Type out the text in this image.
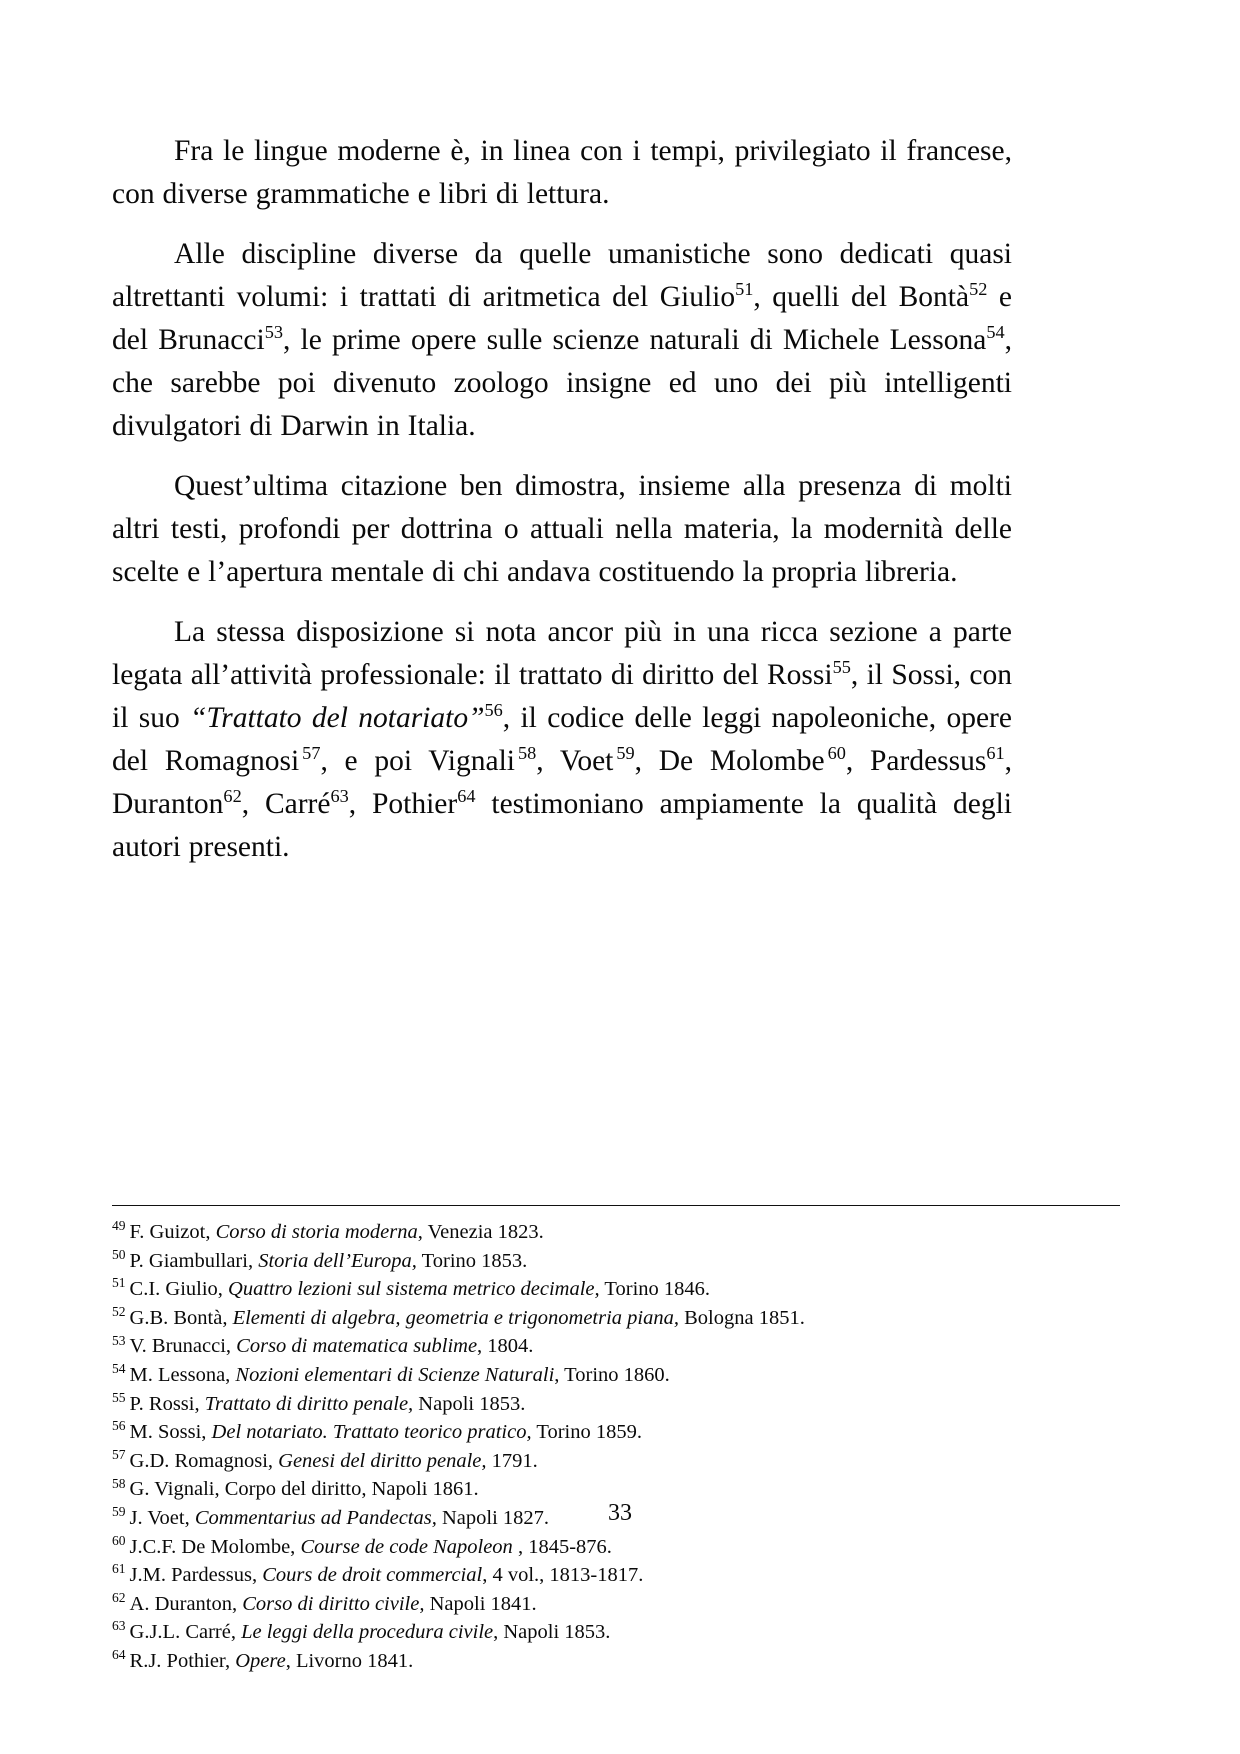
Fra le lingue moderne è, in linea con i tempi, privilegiato il francese, con diverse grammatiche e libri di lettura.

Alle discipline diverse da quelle umanistiche sono dedicati quasi altrettanti volumi: i trattati di aritmetica del Giulio$^{51}$, quelli del Bontà$^{52}$ e del Brunacci$^{53}$, le prime opere sulle scienze naturali di Michele Lessona$^{54}$, che sarebbe poi divenuto zoologo insigne ed uno dei più intelligenti divulgatori di Darwin in Italia.

Quest’ultima citazione ben dimostra, insieme alla presenza di molti altri testi, profondi per dottrina o attuali nella materia, la modernità delle scelte e l’apertura mentale di chi andava costituendo la propria libreria.

La stessa disposizione si nota ancor più in una ricca sezione a parte legata all’attività professionale: il trattato di diritto del Rossi$^{55}$, il Sossi, con il suo “Trattato del notariato”$^{56}$, il codice delle leggi napoleoniche, opere del Romagnosi $^{57}$, e poi Vignali $^{58}$, Voet $^{59}$, De Molombe $^{60}$, Pardessus$^{61}$, Duranton$^{62}$, Carré$^{63}$, Pothier$^{64}$ testimoniano ampiamente la qualità degli autori presenti.

$^{49}$ F. Guizot, Corso di storia moderna, Venezia 1823.
$^{50}$ P. Giambullari, Storia dell’Europa, Torino 1853.
$^{51}$ C.I. Giulio, Quattro lezioni sul sistema metrico decimale, Torino 1846.
$^{52}$ G.B. Bontà, Elementi di algebra, geometria e trigonometria piana, Bologna 1851.
$^{53}$ V. Brunacci, Corso di matematica sublime, 1804.
$^{54}$ M. Lessona, Nozioni elementari di Scienze Naturali, Torino 1860.
$^{55}$ P. Rossi, Trattato di diritto penale, Napoli 1853.
$^{56}$ M. Sossi, Del notariato. Trattato teorico pratico, Torino 1859.
$^{57}$ G.D. Romagnosi, Genesi del diritto penale, 1791.
$^{58}$ G. Vignali, Corpo del diritto, Napoli 1861.
$^{59}$ J. Voet, Commentarius ad Pandectas, Napoli 1827.
$^{60}$ J.C.F. De Molombe, Course de code Napoleon , 1845-876.
$^{61}$ J.M. Pardessus, Cours de droit commercial, 4 vol., 1813-1817.
$^{62}$ A. Duranton, Corso di diritto civile, Napoli 1841.
$^{63}$ G.J.L. Carré, Le leggi della procedura civile, Napoli 1853.
$^{64}$ R.J. Pothier, Opere, Livorno 1841.
33
